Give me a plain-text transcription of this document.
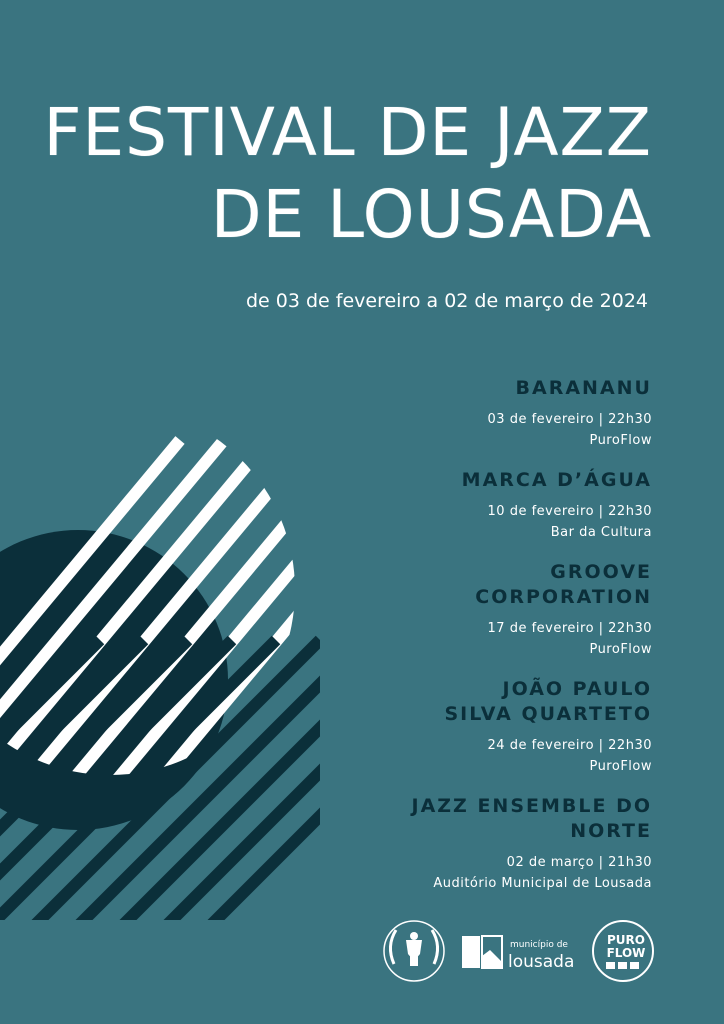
FESTIVAL DE JAZZ
DE LOUSADA
de 03 de fevereiro a 02 de março de 2024
BARANANU
03 de fevereiro | 22h30
PuroFlow
MARCA D’ÁGUA
10 de fevereiro | 22h30
Bar da Cultura
GROOVE
CORPORATION
17 de fevereiro | 22h30
PuroFlow
JOÃO PAULO
SILVA QUARTETO
24 de fevereiro | 22h30
PuroFlow
JAZZ ENSEMBLE DO
NORTE
02 de março | 21h30
Auditório Municipal de Lousada
município de
lousada
PURO
FLOW
